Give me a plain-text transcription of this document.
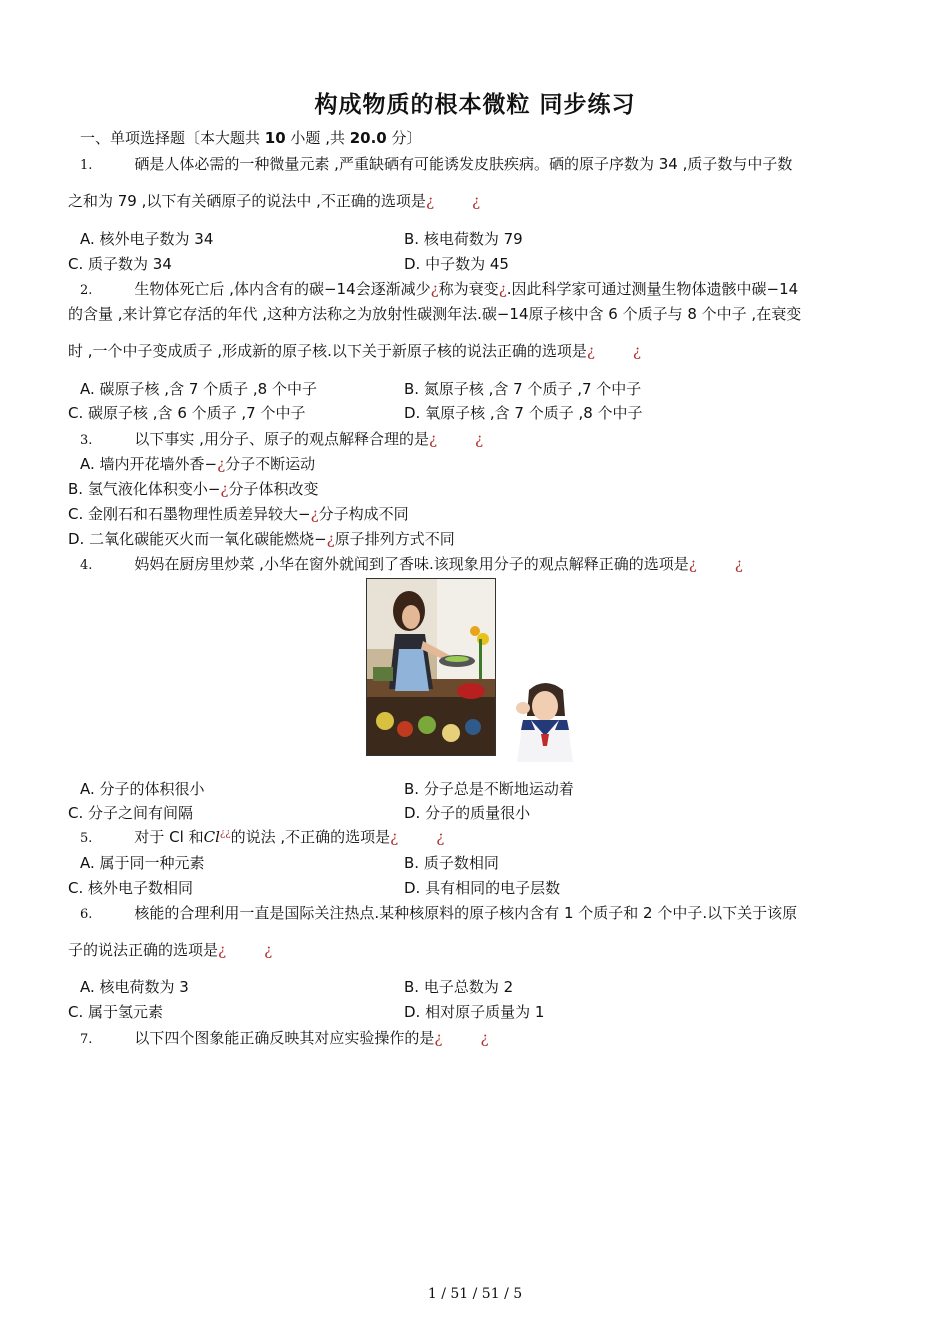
构成物质的根本微粒 同步练习
一、单项选择题〔本大题共 10 小题 ,共 20.0 分〕
1.	硒是人体必需的一种微量元素 ,严重缺硒有可能诱发皮肤疾病。硒的原子序数为 34 ,质子数与中子数
之和为 79 ,以下有关硒原子的说法中 ,不正确的选项是¿	¿
A. 核外电子数为 34	B. 核电荷数为 79
C. 质子数为 34	D. 中子数为 45
2.	生物体死亡后 ,体内含有的碳−14会逐渐减少¿称为衰变¿.因此科学家可通过测量生物体遗骸中碳−14
的含量 ,来计算它存活的年代 ,这种方法称之为放射性碳测年法.碳−14原子核中含 6 个质子与 8 个中子 ,在衰变
时 ,一个中子变成质子 ,形成新的原子核.以下关于新原子核的说法正确的选项是¿	¿
A. 碳原子核 ,含 7 个质子 ,8 个中子	B. 氮原子核 ,含 7 个质子 ,7 个中子
C. 碳原子核 ,含 6 个质子 ,7 个中子	D. 氧原子核 ,含 7 个质子 ,8 个中子
3.	以下事实 ,用分子、原子的观点解释合理的是¿	¿
A. 墙内开花墙外香−¿分子不断运动
B. 氢气液化体积变小−¿分子体积改变
C. 金刚石和石墨物理性质差异较大−¿分子构成不同
D. 二氧化碳能灭火而一氧化碳能燃烧−¿原子排列方式不同
4.	妈妈在厨房里炒菜 ,小华在窗外就闻到了香味.该现象用分子的观点解释正确的选项是¿	¿
A. 分子的体积很小	B. 分子总是不断地运动着
C. 分子之间有间隔	D. 分子的质量很小
5.	对于 Cl 和Cl¿¿的说法 ,不正确的选项是¿	¿
A. 属于同一种元素	B. 质子数相同
C. 核外电子数相同	D. 具有相同的电子层数
6.	核能的合理利用一直是国际关注热点.某种核原料的原子核内含有 1 个质子和 2 个中子.以下关于该原
子的说法正确的选项是¿	¿
A. 核电荷数为 3	B. 电子总数为 2
C. 属于氢元素	D. 相对原子质量为 1
7.	以下四个图象能正确反映其对应实验操作的是¿	¿
1 / 51 / 51 / 5
